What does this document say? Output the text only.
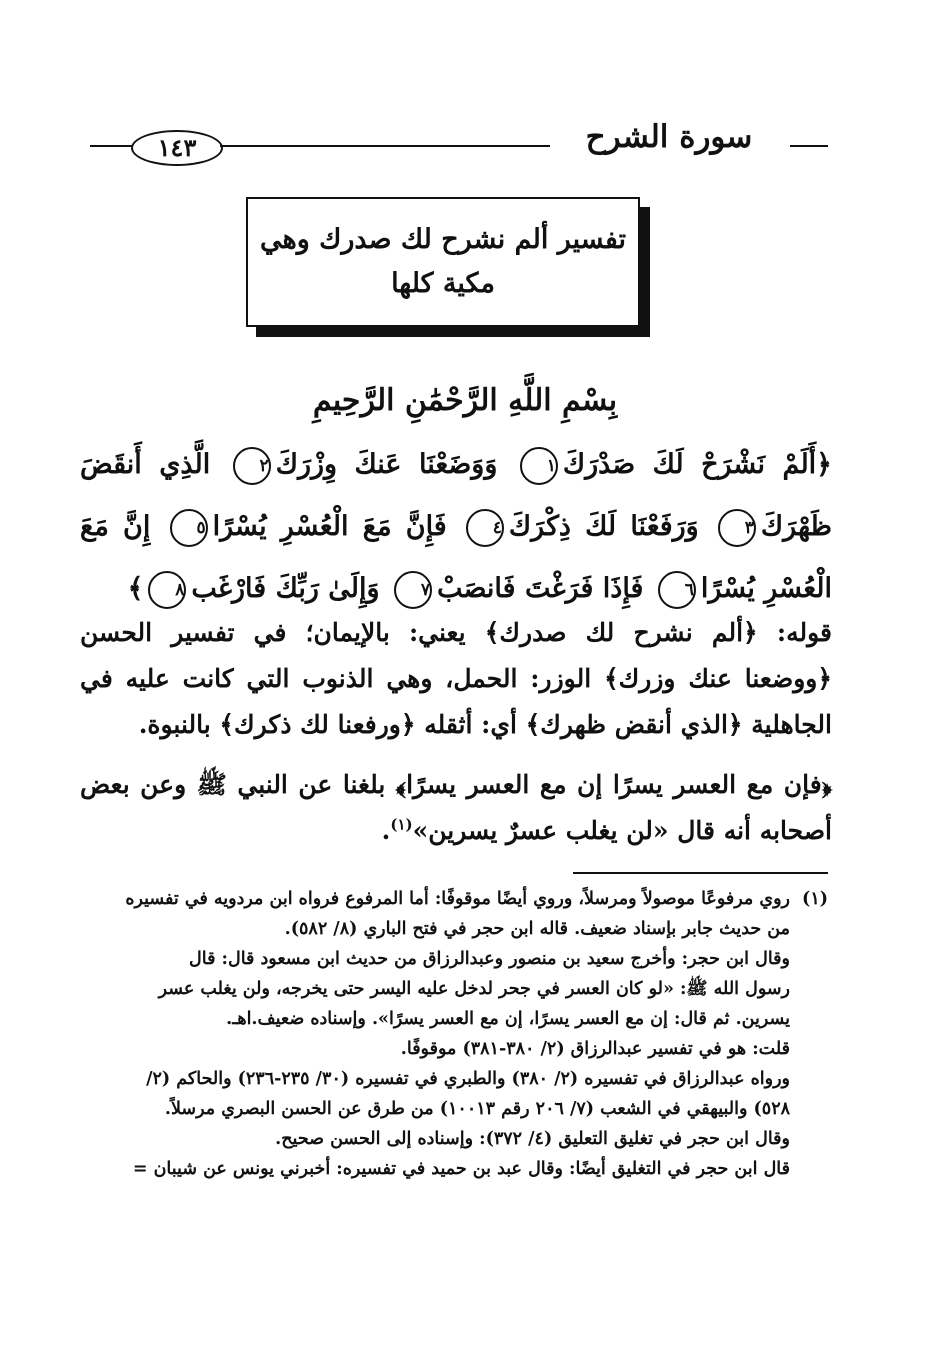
١٤٣	سورة الشرح
تفسير ألم نشرح لك صدرك وهي
مكية كلها
بِسْمِ اللَّهِ الرَّحْمَٰنِ الرَّحِيمِ
﴿أَلَمْ نَشْرَحْ لَكَ صَدْرَكَ١ وَوَضَعْنَا عَنكَ وِزْرَكَ٢ الَّذِي أَنقَضَ ظَهْرَكَ٣ وَرَفَعْنَا لَكَ ذِكْرَكَ٤ فَإِنَّ مَعَ الْعُسْرِ يُسْرًا٥ إِنَّ مَعَ الْعُسْرِ يُسْرًا٦ فَإِذَا فَرَغْتَ فَانصَبْ٧ وَإِلَىٰ رَبِّكَ فَارْغَب٨﴾
قوله: ﴿ألم نشرح لك صدرك﴾ يعني: بالإيمان؛ في تفسير الحسن ﴿ووضعنا عنك وزرك﴾ الوزر: الحمل، وهي الذنوب التي كانت عليه في الجاهلية ﴿الذي أنقض ظهرك﴾ أي: أثقله ﴿ورفعنا لك ذكرك﴾ بالنبوة.
﴿فإن مع العسر يسرًا إن مع العسر يسرًا﴾ بلغنا عن النبي ﷺ وعن بعض أصحابه أنه قال «لن يغلب عسرٌ يسرين»$^{(١)}$.
(١)روي مرفوعًا موصولاً ومرسلاً، وروي أيضًا موقوفًا: أما المرفوع فرواه ابن مردويه في تفسيره
من حديث جابر بإسناد ضعيف. قاله ابن حجر في فتح الباري (٨/ ٥٨٢).
وقال ابن حجر: وأخرج سعيد بن منصور وعبدالرزاق من حديث ابن مسعود قال: قال
رسول الله ﷺ: «لو كان العسر في جحر لدخل عليه اليسر حتى يخرجه، ولن يغلب عسر
يسرين. ثم قال: إن مع العسر يسرًا، إن مع العسر يسرًا». وإسناده ضعيف.اهـ.
قلت: هو في تفسير عبدالرزاق (٢/ ٣٨٠-٣٨١) موقوفًا.
ورواه عبدالرزاق في تفسيره (٢/ ٣٨٠) والطبري في تفسيره (٣٠/ ٢٣٥-٢٣٦) والحاكم (٢/
٥٢٨) والبيهقي في الشعب (٧/ ٢٠٦ رقم ١٠٠١٣) من طرق عن الحسن البصري مرسلاً.
وقال ابن حجر في تغليق التعليق (٤/ ٣٧٢): وإسناده إلى الحسن صحيح.
قال ابن حجر في التغليق أيضًا: وقال عبد بن حميد في تفسيره: أخبرني يونس عن شيبان =
